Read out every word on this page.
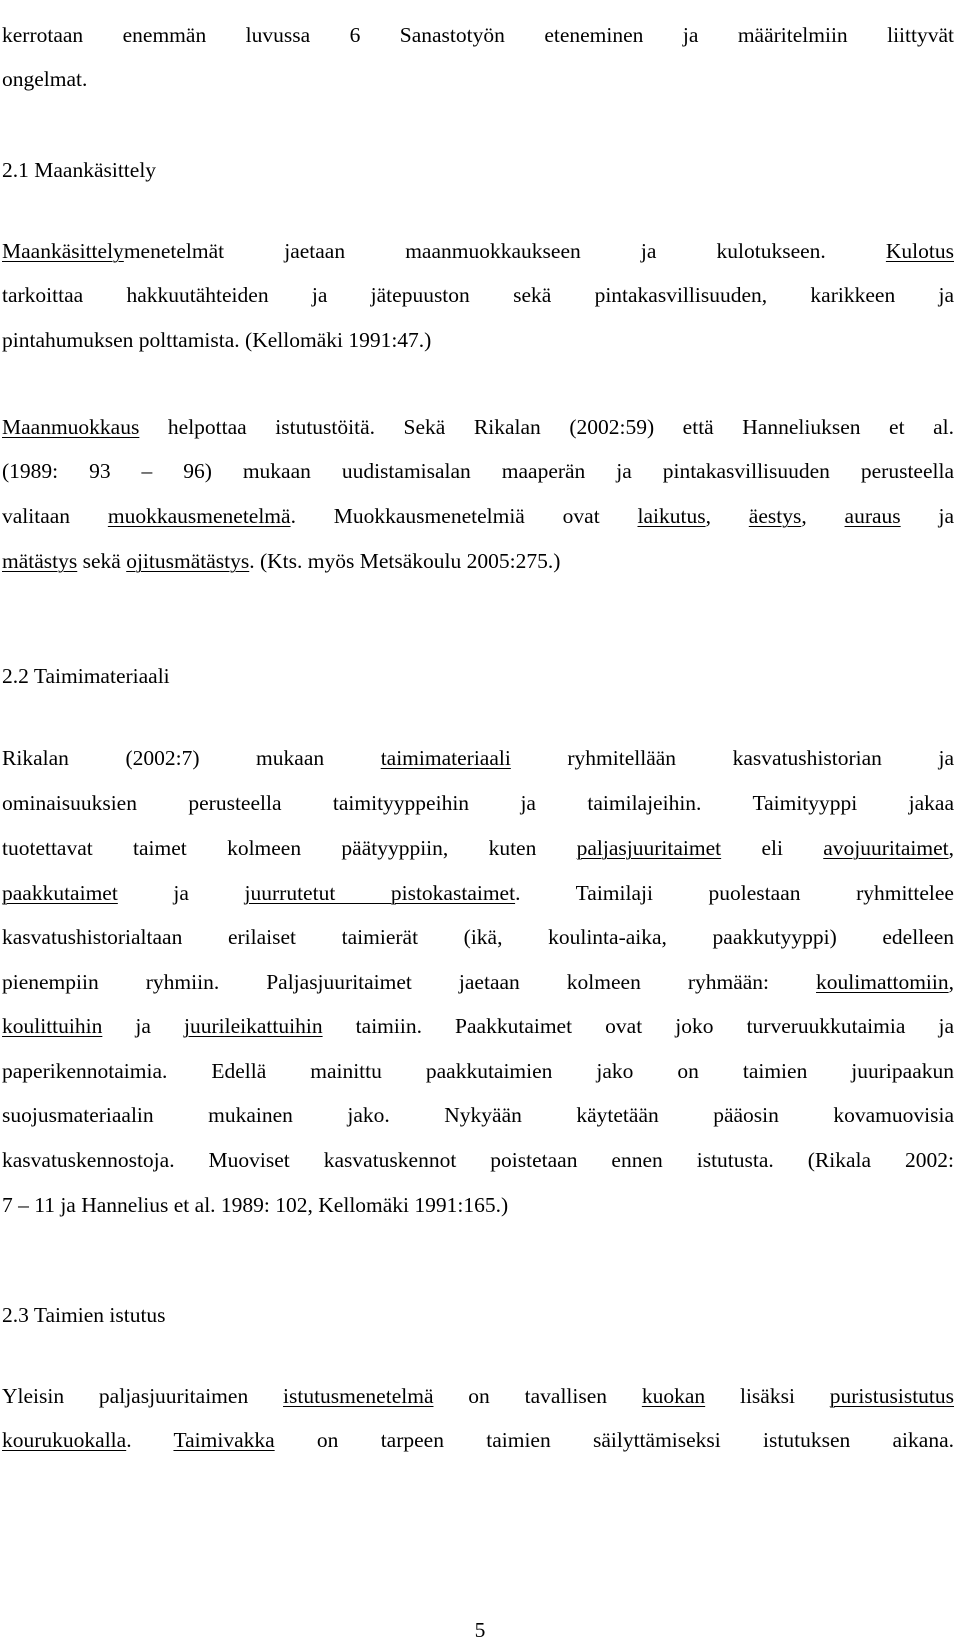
kerrotaan enemmän luvussa 6 Sanastotyön eteneminen ja määritelmiin liittyvät
ongelmat.
2.1 Maankäsittely
Maankäsittelymenetelmät jaetaan maanmuokkaukseen ja kulotukseen. Kulotus
tarkoittaa hakkuutähteiden ja jätepuuston sekä pintakasvillisuuden, karikkeen ja
pintahumuksen polttamista. (Kellomäki 1991:47.)
Maanmuokkaus helpottaa istutustöitä. Sekä Rikalan (2002:59) että Hanneliuksen et al.
(1989: 93 – 96) mukaan uudistamisalan maaperän ja pintakasvillisuuden perusteella
valitaan muokkausmenetelmä. Muokkausmenetelmiä ovat laikutus, äestys, auraus ja
mätästys sekä ojitusmätästys. (Kts. myös Metsäkoulu 2005:275.)
2.2 Taimimateriaali
Rikalan (2002:7) mukaan taimimateriaali ryhmitellään kasvatushistorian ja
ominaisuuksien perusteella taimityyppeihin ja taimilajeihin. Taimityyppi jakaa
tuotettavat taimet kolmeen päätyyppiin, kuten paljasjuuritaimet eli avojuuritaimet,
paakkutaimet ja juurrutetut pistokastaimet. Taimilaji puolestaan ryhmittelee
kasvatushistorialtaan erilaiset taimierät (ikä, koulinta-aika, paakkutyyppi) edelleen
pienempiin ryhmiin. Paljasjuuritaimet jaetaan kolmeen ryhmään: koulimattomiin,
koulittuihin ja juurileikattuihin taimiin. Paakkutaimet ovat joko turveruukkutaimia ja
paperikennotaimia. Edellä mainittu paakkutaimien jako on taimien juuripaakun
suojusmateriaalin mukainen jako. Nykyään käytetään pääosin kovamuovisia
kasvatuskennostoja. Muoviset kasvatuskennot poistetaan ennen istutusta. (Rikala 2002:
7 – 11 ja Hannelius et al. 1989: 102, Kellomäki 1991:165.)
2.3 Taimien istutus
Yleisin paljasjuuritaimen istutusmenetelmä on tavallisen kuokan lisäksi puristusistutus
kourukuokalla. Taimivakka on tarpeen taimien säilyttämiseksi istutuksen aikana.
5
